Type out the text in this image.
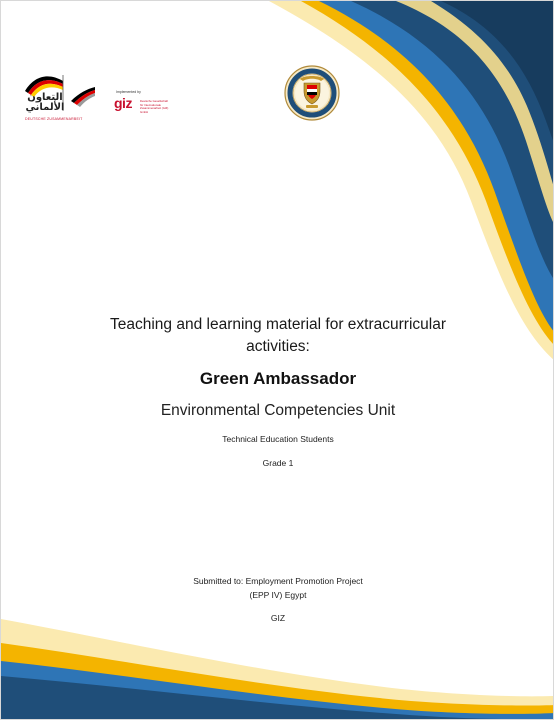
التعاون الألماني
DEUTSCHE ZUSAMMENARBEIT
Implemented by
giz	Deutsche Gesellschaft für Internationale Zusammenarbeit (GIZ) GmbH
Teaching and learning material for extracurricular
activities:
Green Ambassador
Environmental Competencies Unit
Technical Education Students
Grade 1
Submitted to: Employment Promotion Project
(EPP IV) Egypt
GIZ
